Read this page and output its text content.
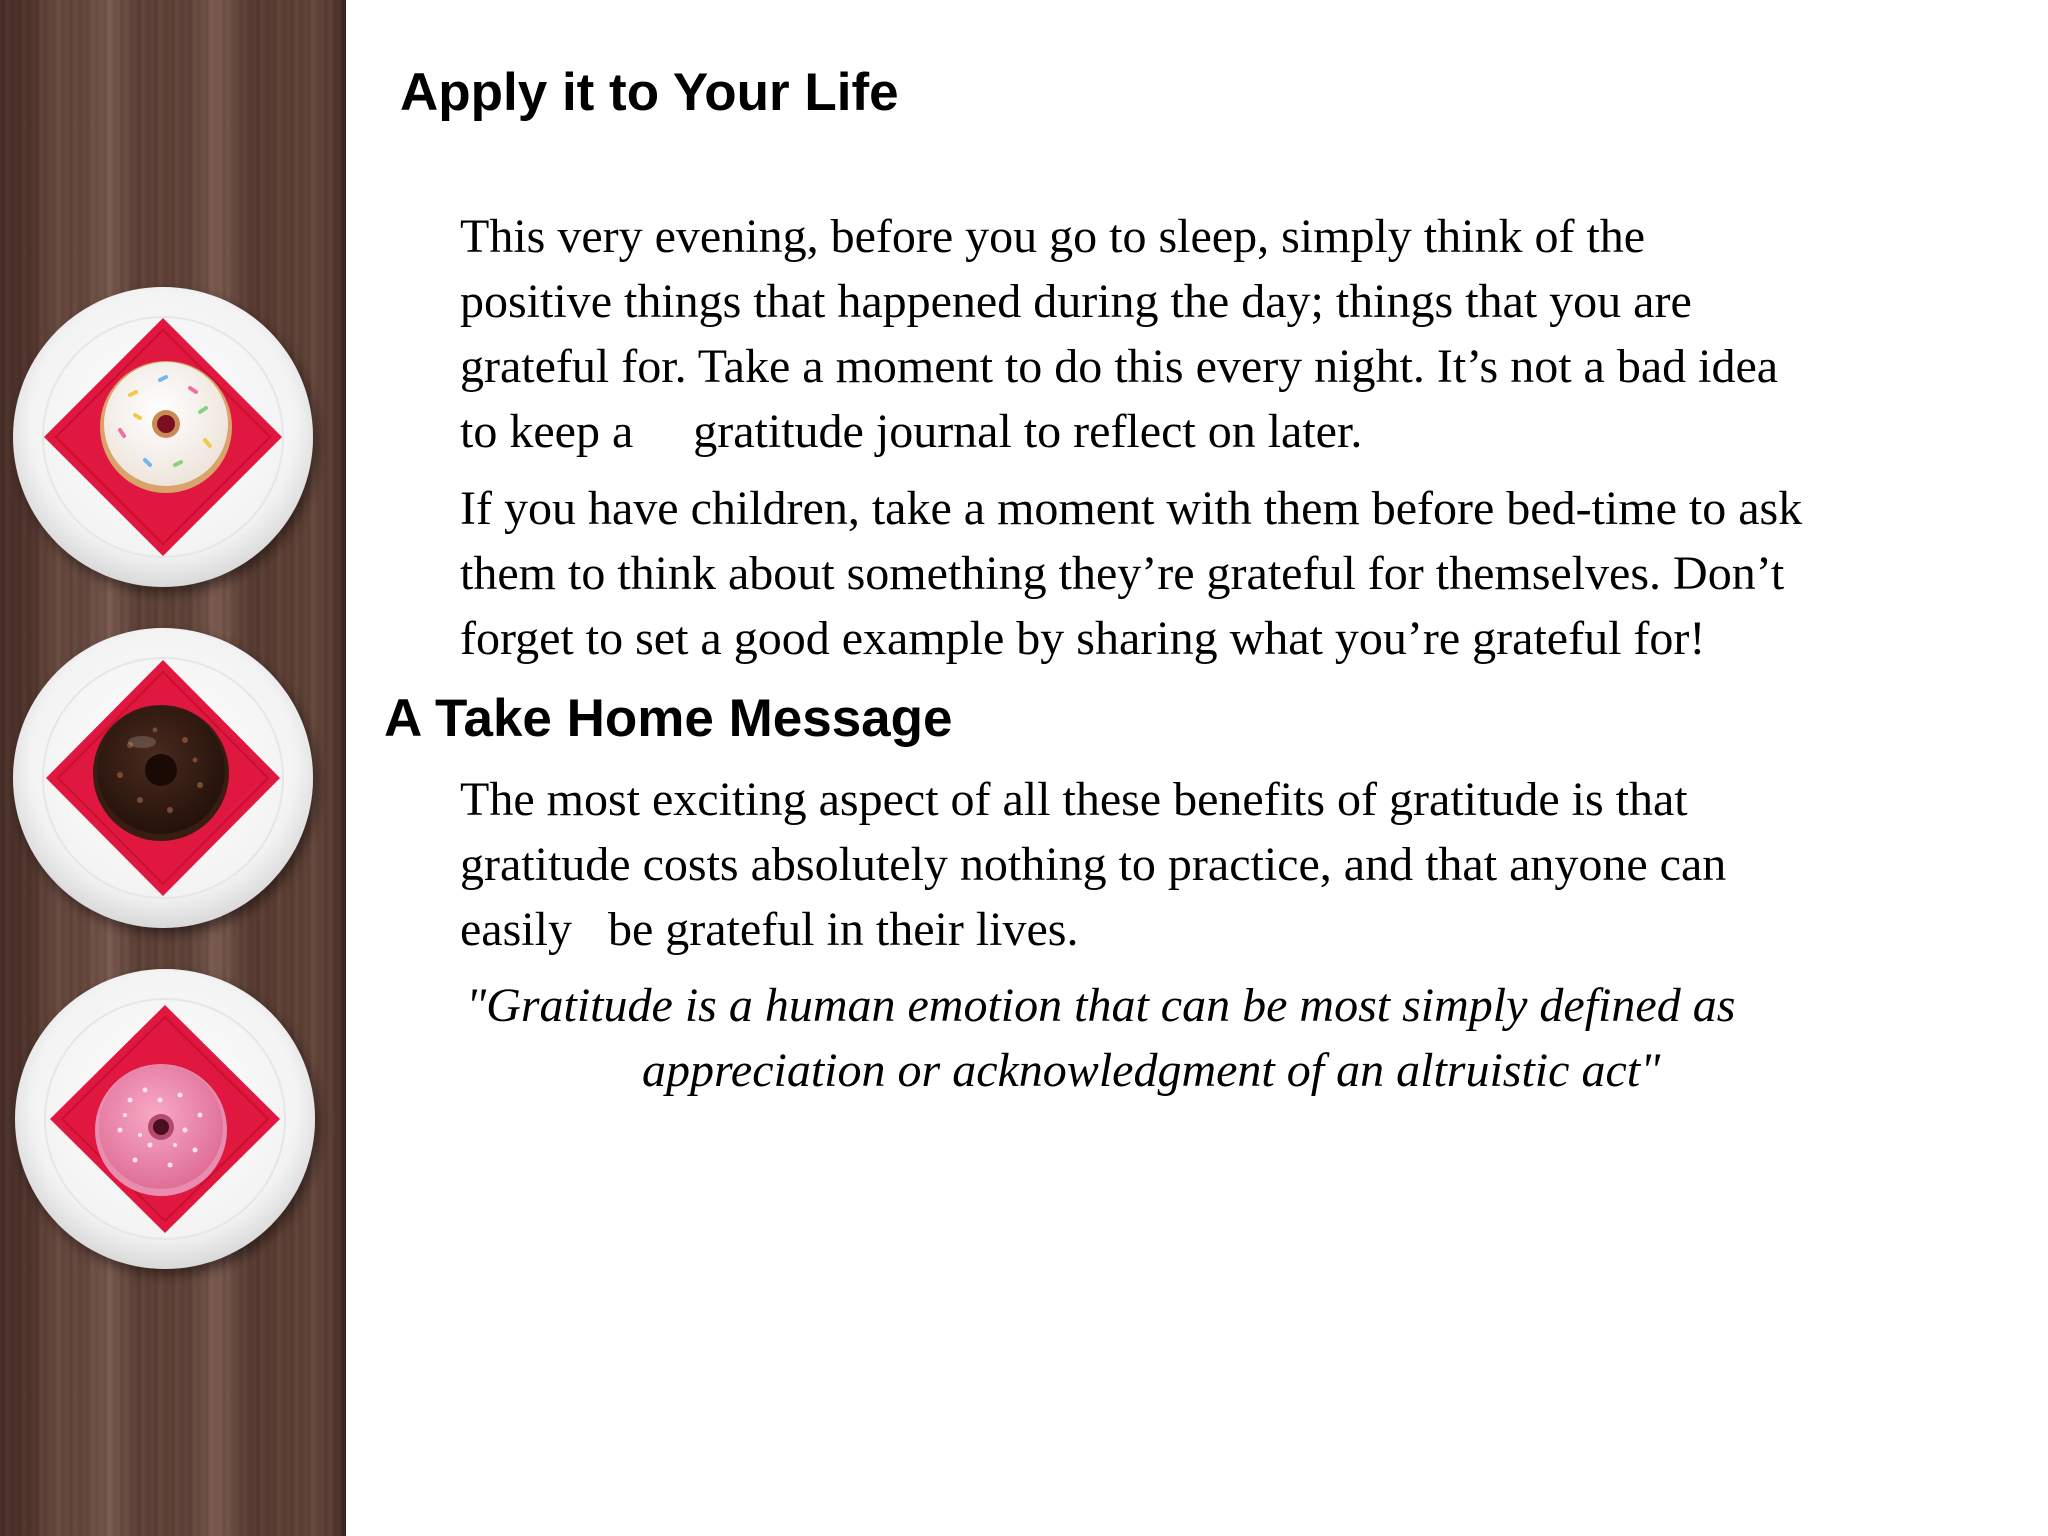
Apply it to Your Life

This very evening, before you go to sleep, simply think of the
positive things that happened during the day; things that you are
grateful for. Take a moment to do this every night. It’s not a bad idea
to keep a     gratitude journal to reflect on later.

If you have children, take a moment with them before bed-time to ask
them to think about something they’re grateful for themselves. Don’t
forget to set a good example by sharing what you’re grateful for!

A Take Home Message

The most exciting aspect of all these benefits of gratitude is that
gratitude costs absolutely nothing to practice, and that anyone can
easily   be grateful in their lives.

"Gratitude is a human emotion that can be most simply defined as
appreciation or acknowledgment of an altruistic act"
